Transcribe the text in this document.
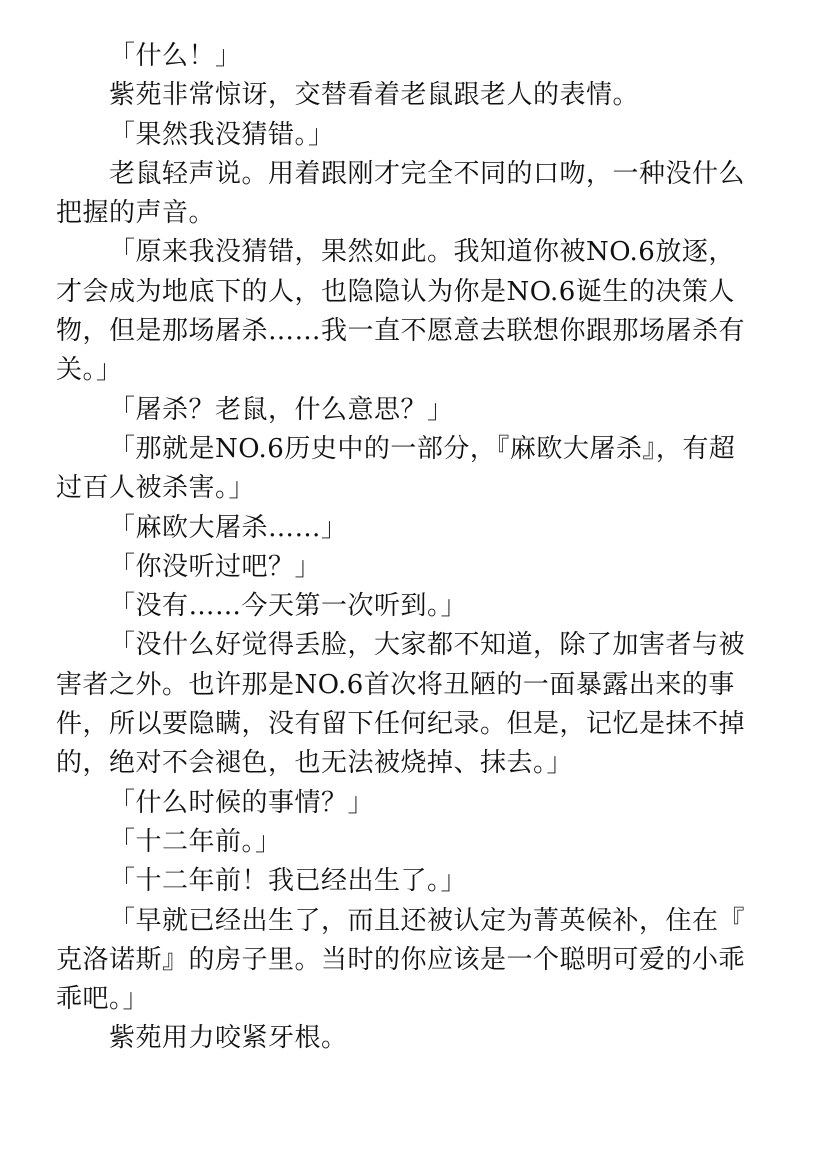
「什么！」

紫苑非常惊讶，交替看着老鼠跟老人的表情。

「果然我没猜错。」

老鼠轻声说。用着跟刚才完全不同的口吻，一种没什么把握的声音。

「原来我没猜错，果然如此。我知道你被NO.6放逐，才会成为地底下的人，也隐隐认为你是NO.6诞生的决策人物，但是那场屠杀……我一直不愿意去联想你跟那场屠杀有关。」

「屠杀？老鼠，什么意思？」

「那就是NO.6历史中的一部分，『麻欧大屠杀』，有超过百人被杀害。」

「麻欧大屠杀……」

「你没听过吧？」

「没有……今天第一次听到。」

「没什么好觉得丢脸，大家都不知道，除了加害者与被害者之外。也许那是NO.6首次将丑陋的一面暴露出来的事件，所以要隐瞒，没有留下任何纪录。但是，记忆是抹不掉的，绝对不会褪色，也无法被烧掉、抹去。」

「什么时候的事情？」

「十二年前。」

「十二年前！我已经出生了。」

「早就已经出生了，而且还被认定为菁英候补，住在『克洛诺斯』的房子里。当时的你应该是一个聪明可爱的小乖乖吧。」

紫苑用力咬紧牙根。
